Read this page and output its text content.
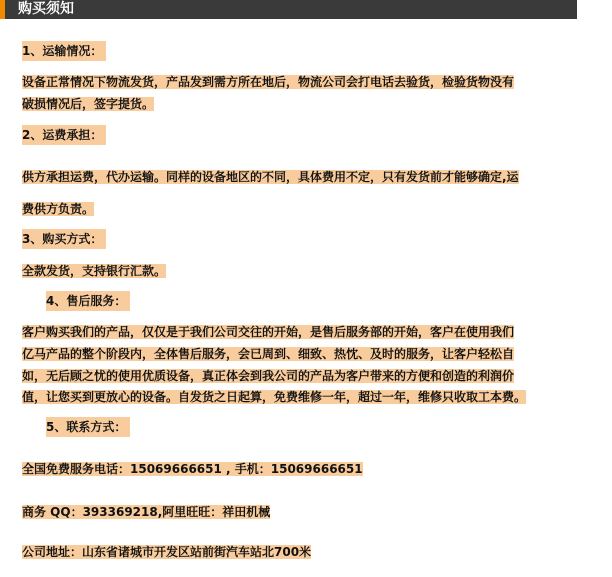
购买须知
1、运输情况：
设备正常情况下物流发货，产品发到需方所在地后，物流公司会打电话去验货，检验货物没有
破损情况后，签字提货。
2、运费承担：
供方承担运费，代办运输。同样的设备地区的不同，具体费用不定，只有发货前才能够确定,运
费供方负责。
3、购买方式：
全款发货，支持银行汇款。
4、售后服务：
客户购买我们的产品，仅仅是于我们公司交往的开始，是售后服务部的开始，客户在使用我们
亿马产品的整个阶段内，全体售后服务，会已周到、细致、热忱、及时的服务，让客户轻松自
如，无后顾之忧的使用优质设备，真正体会到我公司的产品为客户带来的方便和创造的利润价
值，让您买到更放心的设备。自发货之日起算，免费维修一年，超过一年，维修只收取工本费。
5、联系方式：
全国免费服务电话：15069666651 , 手机：15069666651
商务 QQ：393369218,阿里旺旺：祥田机械
公司地址：山东省诸城市开发区站前街汽车站北700米
